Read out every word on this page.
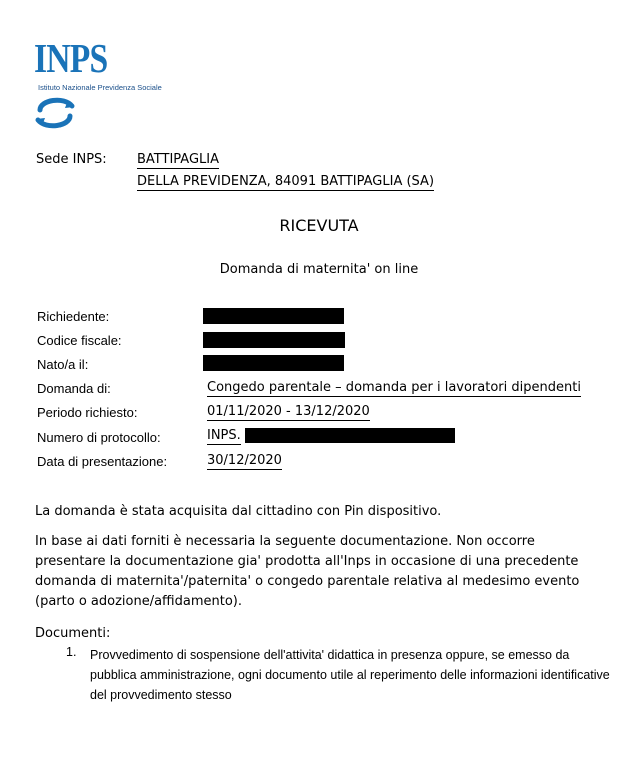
INPS
Istituto Nazionale Previdenza Sociale
Sede INPS: BATTIPAGLIA
DELLA PREVIDENZA, 84091 BATTIPAGLIA (SA)
RICEVUTA
Domanda di maternita' on line
Richiedente:
Codice fiscale:
Nato/a il:
Domanda di:	Congedo parentale – domanda per i lavoratori dipendenti
Periodo richiesto:	01/11/2020 - 13/12/2020
Numero di protocollo:	INPS.
Data di presentazione:	30/12/2020
La domanda è stata acquisita dal cittadino con Pin dispositivo.
In base ai dati forniti è necessaria la seguente documentazione. Non occorre presentare la documentazione gia' prodotta all'Inps in occasione di una precedente domanda di maternita'/paternita' o congedo parentale relativa al medesimo evento (parto o adozione/affidamento).
Documenti:
1. Provvedimento di sospensione dell'attivita' didattica in presenza oppure, se emesso da pubblica amministrazione, ogni documento utile al reperimento delle informazioni identificative del provvedimento stesso
